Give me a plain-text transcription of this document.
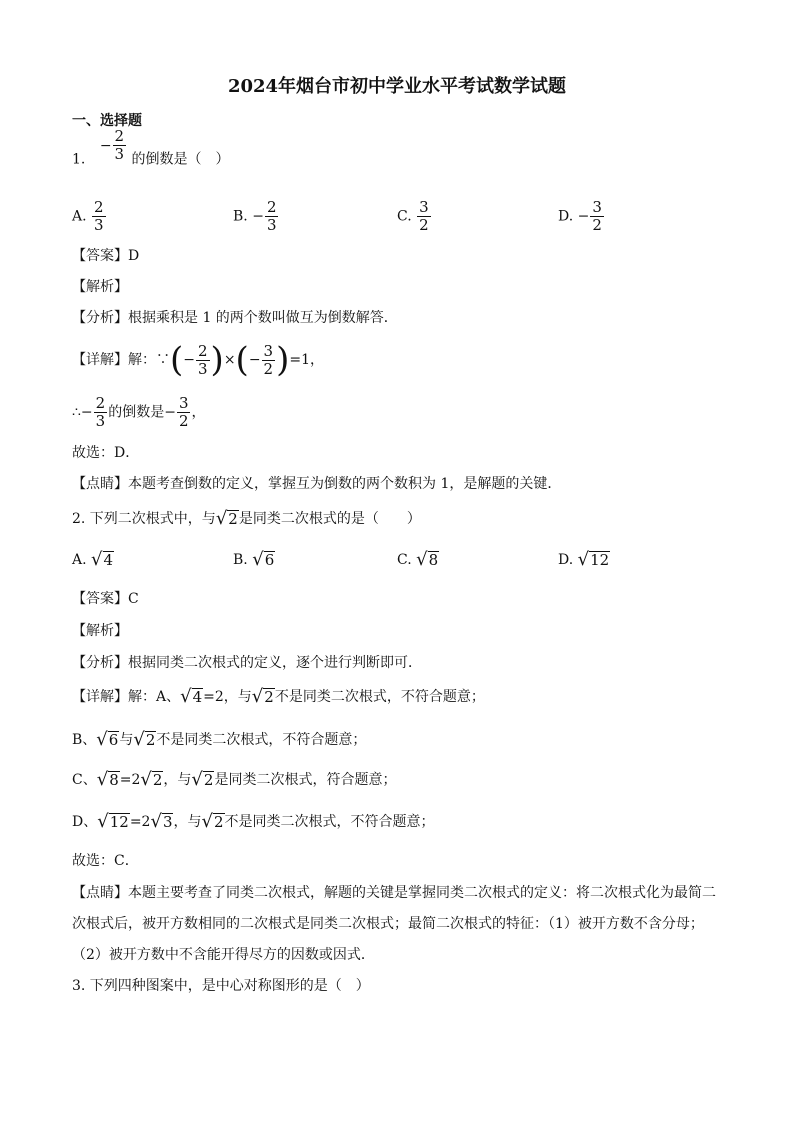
2024年烟台市初中学业水平考试数学试题
一、选择题
1. − $\frac{2}{3}$ 的倒数是（　）
A. $\frac{2}{3}$	B. − $\frac{2}{3}$	C. $\frac{3}{2}$	D. − $\frac{3}{2}$
【答案】D
【解析】
【分析】根据乘积是 1 的两个数叫做互为倒数解答．
【详解】解：∵(− $\frac{2}{3}$ )×(− $\frac{3}{2} )=1$，
∴− $\frac{2}{3}$ 的倒数是− $\frac{3}{2}$ ，
故选：D．
【点睛】本题考查倒数的定义，掌握互为倒数的两个数积为 1，是解题的关键．
2. 下列二次根式中，与 √ 2 是同类二次根式的是（　　）
A. √ 4	B. √ 6	C. √ 8	D. √ 12
【答案】C
【解析】
【分析】根据同类二次根式的定义，逐个进行判断即可．
【详解】解：A、 √ 4 =2，与 √ 2 不是同类二次根式，不符合题意；
B、 √ 6 与 √ 2 不是同类二次根式，不符合题意；
C、 √ 8 =2 √ 2 ，与 √ 2 是同类二次根式，符合题意；
D、 √ 12 =2 √ 3 ，与 √ 2 不是同类二次根式，不符合题意；
故选：C．
【点睛】本题主要考查了同类二次根式，解题的关键是掌握同类二次根式的定义：将二次根式化为最简二
次根式后，被开方数相同的二次根式是同类二次根式；最简二次根式的特征：（1）被开方数不含分母；
（2）被开方数中不含能开得尽方的因数或因式．
3. 下列四种图案中，是中心对称图形的是（　）
